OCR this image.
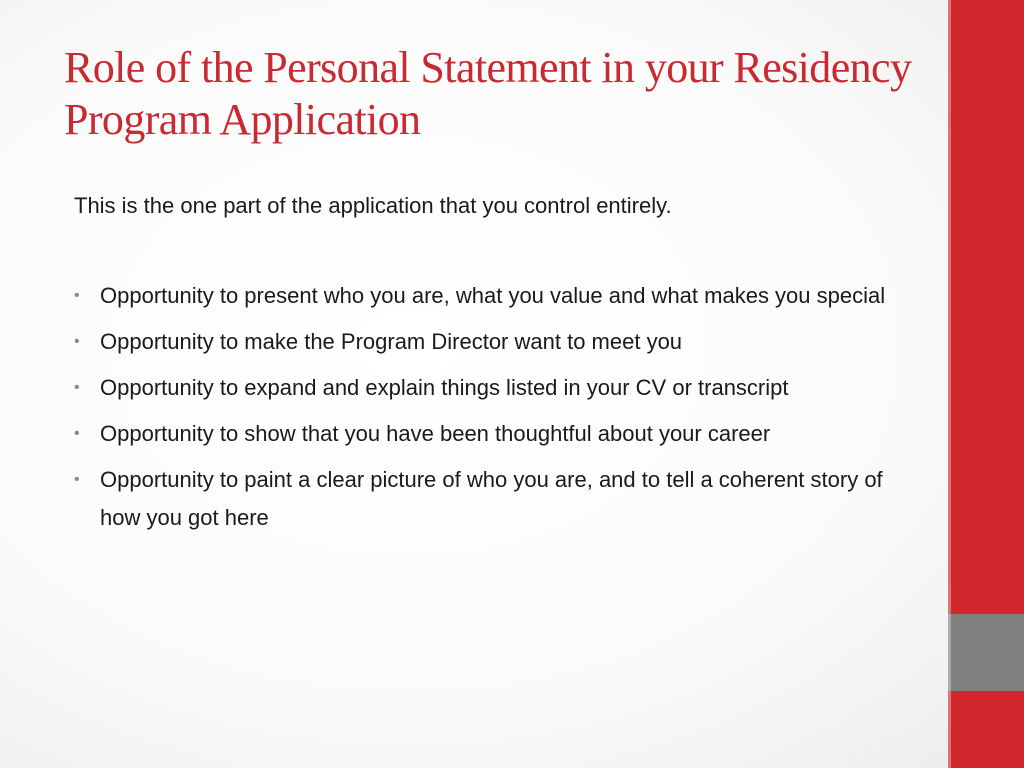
Role of the Personal Statement in your Residency Program Application

This is the one part of the application that you control entirely.

• Opportunity to present who you are, what you value and what makes you special
• Opportunity to make the Program Director want to meet you
• Opportunity to expand and explain things listed in your CV or transcript
• Opportunity to show that you have been thoughtful about your career
• Opportunity to paint a clear picture of who you are, and to tell a coherent story of how you got here
